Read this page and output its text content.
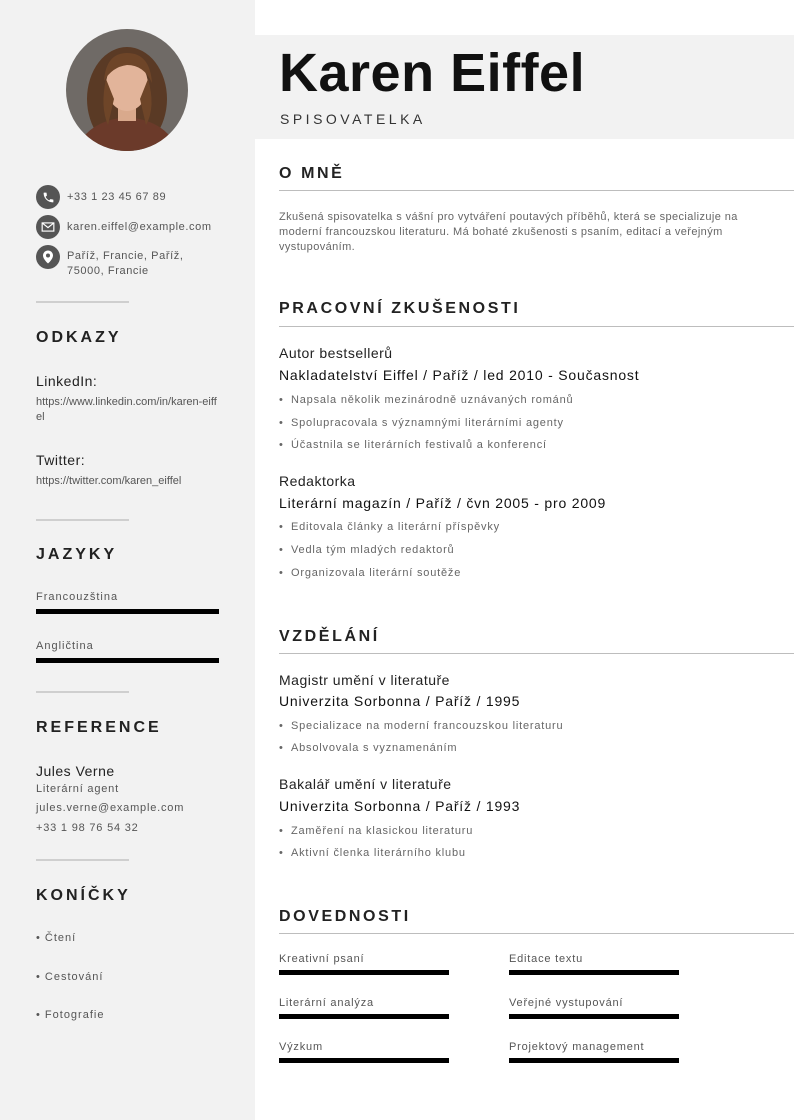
+33 1 23 45 67 89
karen.eiffel@example.com
Paříž, Francie, Paříž,
75000, Francie
ODKAZY
LinkedIn:
https://www.linkedin.com/in/karen-eiffel
Twitter:
https://twitter.com/karen_eiffel
JAZYKY
Francouzština
Angličtina
REFERENCE
Jules Verne
Literární agent
jules.verne@example.com
+33 1 98 76 54 32
KONÍČKY
• Čtení
• Cestování
• Fotografie
Karen Eiffel
SPISOVATELKA
O MNĚ
Zkušená spisovatelka s vášní pro vytváření poutavých příběhů, která se specializuje na moderní francouzskou literaturu. Má bohaté zkušenosti s psaním, editací a veřejným vystupováním.
PRACOVNÍ ZKUŠENOSTI
Autor bestsellerů
Nakladatelství Eiffel / Paříž / led 2010 - Současnost
• Napsala několik mezinárodně uznávaných románů
• Spolupracovala s významnými literárními agenty
• Účastnila se literárních festivalů a konferencí
Redaktorka
Literární magazín / Paříž / čvn 2005 - pro 2009
• Editovala články a literární příspěvky
• Vedla tým mladých redaktorů
• Organizovala literární soutěže
VZDĚLÁNÍ
Magistr umění v literatuře
Univerzita Sorbonna / Paříž / 1995
• Specializace na moderní francouzskou literaturu
• Absolvovala s vyznamenáním
Bakalář umění v literatuře
Univerzita Sorbonna / Paříž / 1993
• Zaměření na klasickou literaturu
• Aktivní členka literárního klubu
DOVEDNOSTI
Kreativní psaní	Editace textu
Literární analýza	Veřejné vystupování
Výzkum	Projektový management
